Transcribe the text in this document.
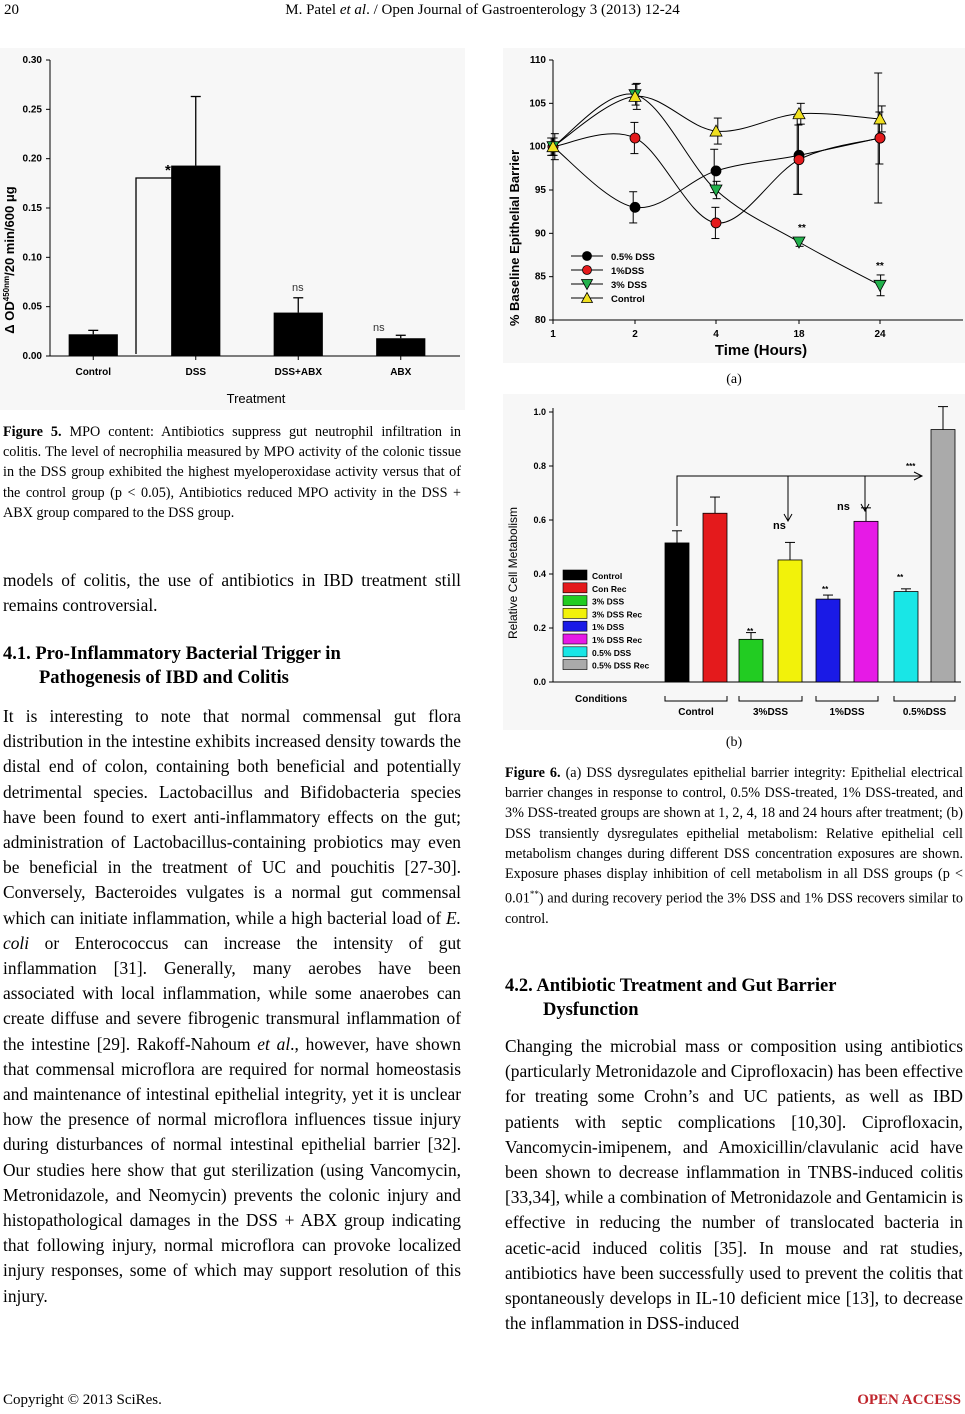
20	M. Patel et al. / Open Journal of Gastroenterology 3 (2013) 12-24
0.00
0.05
0.10
0.15
0.20
0.25
0.30
Control	DSS	DSS+ABX	ABX
*
ns
ns
Treatment
Δ $OD^{450nm}/20$ min/600 μg
Figure 5. MPO content: Antibiotics suppress gut neutrophil infiltration in colitis. The level of necrophilia measured by MPO activity of the colonic tissue in the DSS group exhibited the highest myeloperoxidase activity versus that of the control group (p < 0.05), Antibiotics reduced MPO activity in the DSS + ABX group compared to the DSS group.

models of colitis, the use of antibiotics in IBD treatment still remains controversial.

4.1. Pro-Inflammatory Bacterial Trigger in
Pathogenesis of IBD and Colitis

It is interesting to note that normal commensal gut flora distribution in the intestine exhibits increased density towards the distal end of colon, containing both beneficial and potentially detrimental species. Lactobacillus and Bifidobacteria species have been found to exert anti-inflammatory effects on the gut; administration of Lactobacillus-containing probiotics may even be beneficial in the treatment of UC and pouchitis [27-30]. Conversely, Bacteroides vulgates is a normal gut commensal which can initiate inflammation, while a high bacterial load of E. coli or Enterococcus can increase the intensity of gut inflammation [31]. Generally, many aerobes have been associated with local inflammation, while some anaerobes can create diffuse and severe fibrogenic transmural inflammation of the intestine [29]. Rakoff-Nahoum et al., however, have shown that commensal microflora are required for normal homeostasis and maintenance of intestinal epithelial integrity, yet it is unclear how the presence of normal microflora influences tissue injury during disturbances of normal intestinal epithelial barrier [32]. Our studies here show that gut sterilization (using Vancomycin, Metronidazole, and Neomycin) prevents the colonic injury and histopathological damages in the DSS + ABX group indicating that following injury, normal microflora can provoke localized injury responses, some of which may support resolution of this injury.

80
85
90
95
100
105
110
1	2	4	18	24
0.5% DSS
1%DSS
3% DSS
Control
**
**
Time (Hours)
% Baseline Epithelial Barrier
(a)
0.0
0.2
0.4
0.6
0.8
1.0
Control
Con Rec
3% DSS
3% DSS Rec
1% DSS
1% DSS Rec
0.5% DSS
0.5% DSS Rec
Control	3%DSS	1%DSS	0.5%DSS
**
ns
**
ns
**
***
Conditions
Relative Cell Metabolism
(b)
Figure 6. (a) DSS dysregulates epithelial barrier integrity: Epithelial electrical barrier changes in response to control, 0.5% DSS-treated, 1% DSS-treated, and 3% DSS-treated groups are shown at 1, 2, 4, 18 and 24 hours after treatment; (b) DSS transiently dysregulates epithelial metabolism: Relative epithelial cell metabolism changes during different DSS concentration exposures are shown. Exposure phases display inhibition of cell metabolism in all DSS groups (p < 0.01**) and during recovery period the 3% DSS and 1% DSS recovers similar to control.
4.2. Antibiotic Treatment and Gut Barrier
Dysfunction

Changing the microbial mass or composition using antibiotics (particularly Metronidazole and Ciprofloxacin) has been effective for treating some Crohn’s and UC patients, as well as IBD patients with septic complications [10,30]. Ciprofloxacin, Vancomycin-imipenem, and Amoxicillin/clavulanic acid have been shown to decrease inflammation in TNBS-induced colitis [33,34], while a combination of Metronidazole and Gentamicin is effective in reducing the number of translocated bacteria in acetic-acid induced colitis [35]. In mouse and rat studies, antibiotics have been successfully used to prevent the colitis that spontaneously develops in IL-10 deficient mice [13], to decrease the inflammation in DSS-induced

Copyright © 2013 SciRes.	OPEN ACCESS
